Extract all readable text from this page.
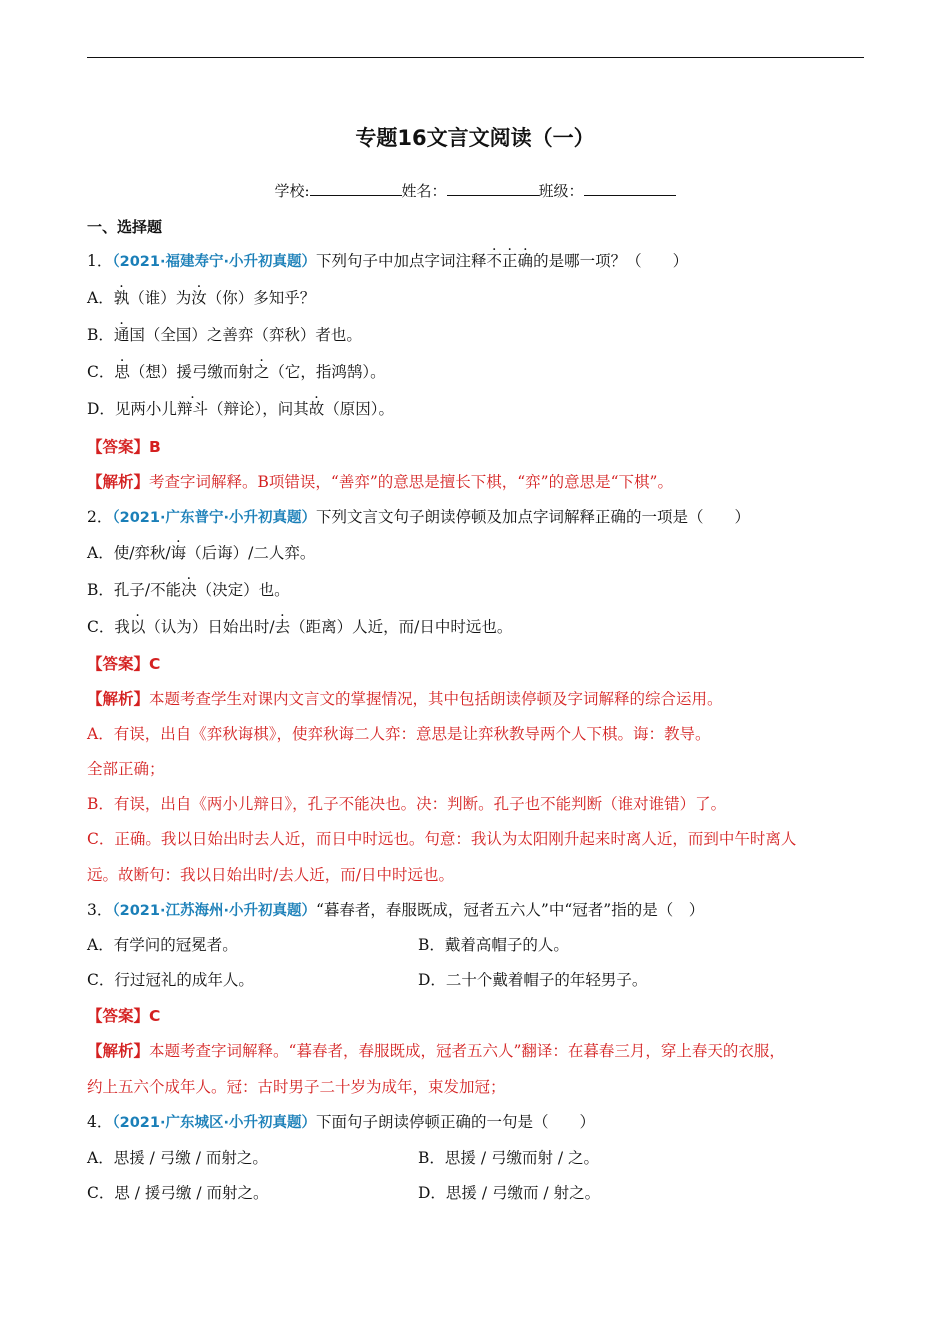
专题16文言文阅读（一）
学校:	姓名：	班级：
一、选择题
1．（2021·福建寿宁·小升初真题）下列句子中加点字词注释不正确的是哪一项？（　　）
A．孰（谁）为汝（你）多知乎？
B．通国（全国）之善弈（弈秋）者也。
C．思（想）援弓缴而射之（它，指鸿鹄）。
D．见两小儿辩斗（辩论），问其故（原因）。
【答案】B
【解析】考查字词解释。B项错误，“善弈”的意思是擅长下棋，“弈”的意思是“下棋”。
2．（2021·广东普宁·小升初真题）下列文言文句子朗读停顿及加点字词解释正确的一项是（　　）
A．使/弈秋/诲（后诲）/二人弈。
B．孔子/不能决（决定）也。
C．我以（认为）日始出时/去（距离）人近，而/日中时远也。
【答案】C
【解析】本题考查学生对课内文言文的掌握情况，其中包括朗读停顿及字词解释的综合运用。
A．有误，出自《弈秋诲棋》，使弈秋诲二人弈：意思是让弈秋教导两个人下棋。诲：教导。
全部正确；
B．有误，出自《两小儿辩日》，孔子不能决也。决：判断。孔子也不能判断（谁对谁错）了。
C．正确。我以日始出时去人近，而日中时远也。句意：我认为太阳刚升起来时离人近，而到中午时离人
远。故断句：我以日始出时/去人近，而/日中时远也。
3．（2021·江苏海州·小升初真题）“暮春者，春服既成，冠者五六人”中“冠者”指的是（　）
A．有学问的冠冕者。	B．戴着高帽子的人。
C．行过冠礼的成年人。	D．二十个戴着帽子的年轻男子。
【答案】C
【解析】本题考查字词解释。“暮春者，春服既成，冠者五六人”翻译：在暮春三月，穿上春天的衣服，
约上五六个成年人。冠：古时男子二十岁为成年，束发加冠；
4．（2021·广东城区·小升初真题）下面句子朗读停顿正确的一句是（　　）
A．思援 / 弓缴 / 而射之。	B．思援 / 弓缴而射 / 之。
C．思 / 援弓缴 / 而射之。	D．思援 / 弓缴而 / 射之。
